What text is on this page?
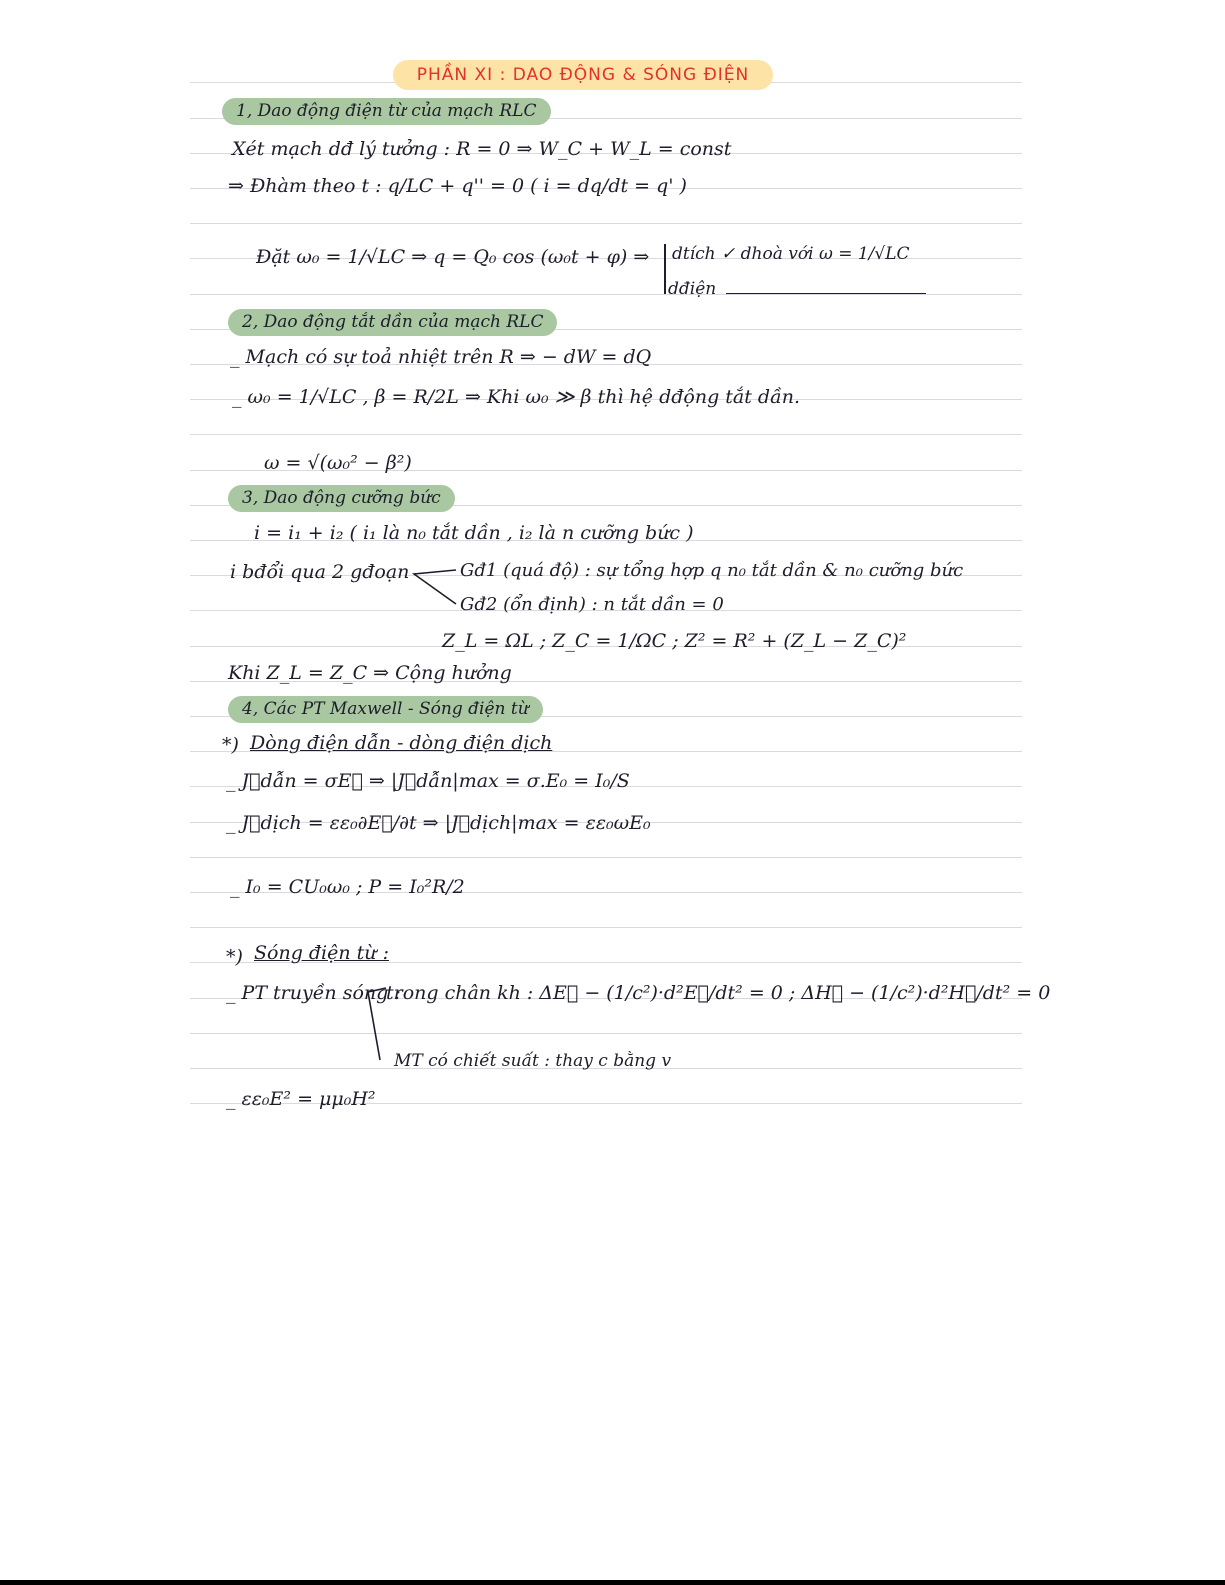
PHẦN XI : DAO ĐỘNG & SÓNG ĐIỆN
1, Dao động điện từ của mạch RLC
Xét mạch dđ lý tưởng : R = 0 ⇒ W_C + W_L = const
⇒ Đhàm theo t : q/LC + q'' = 0 ( i = dq/dt = q' )
Đặt ω₀ = 1/√LC ⇒ q = Q₀ cos (ω₀t + φ) ⇒ dtích ✓ dhoà với ω = 1/√LC
dđiện
2, Dao động tắt dần của mạch RLC
_ Mạch có sự toả nhiệt trên R ⇒ − dW = dQ
_ ω₀ = 1/√LC , β = R/2L ⇒ Khi ω₀ ≫ β thì hệ dđộng tắt dần.
ω = √(ω₀² − β²)
3, Dao động cưỡng bức
i = i₁ + i₂ ( i₁ là n₀ tắt dần , i₂ là n cưỡng bức )
i bđổi qua 2 gđoạn	Gđ1 (quá độ) : sự tổng hợp q n₀ tắt dần & n₀ cưỡng bức
Gđ2 (ổn định) : n tắt dần = 0
Z_L = ΩL ; Z_C = 1/ΩC ; Z² = R² + (Z_L − Z_C)²
Khi Z_L = Z_C ⇒ Cộng hưởng
4, Các PT Maxwell - Sóng điện từ
*) Dòng điện dẫn - dòng điện dịch
_ J⃗dẫn = σE⃗ ⇒ |J⃗dẫn|max = σ.E₀ = I₀/S
_ J⃗dịch = εε₀∂E⃗/∂t ⇒ |J⃗dịch|max = εε₀ωE₀
_ I₀ = CU₀ω₀ ; P = I₀²R/2
*) Sóng điện từ :
_ PT truyền sóng :
trong chân kh : ΔE⃗ − (1/c²)·d²E⃗/dt² = 0 ; ΔH⃗ − (1/c²)·d²H⃗/dt² = 0
MT có chiết suất : thay c bằng v
_ εε₀E² = μμ₀H²
